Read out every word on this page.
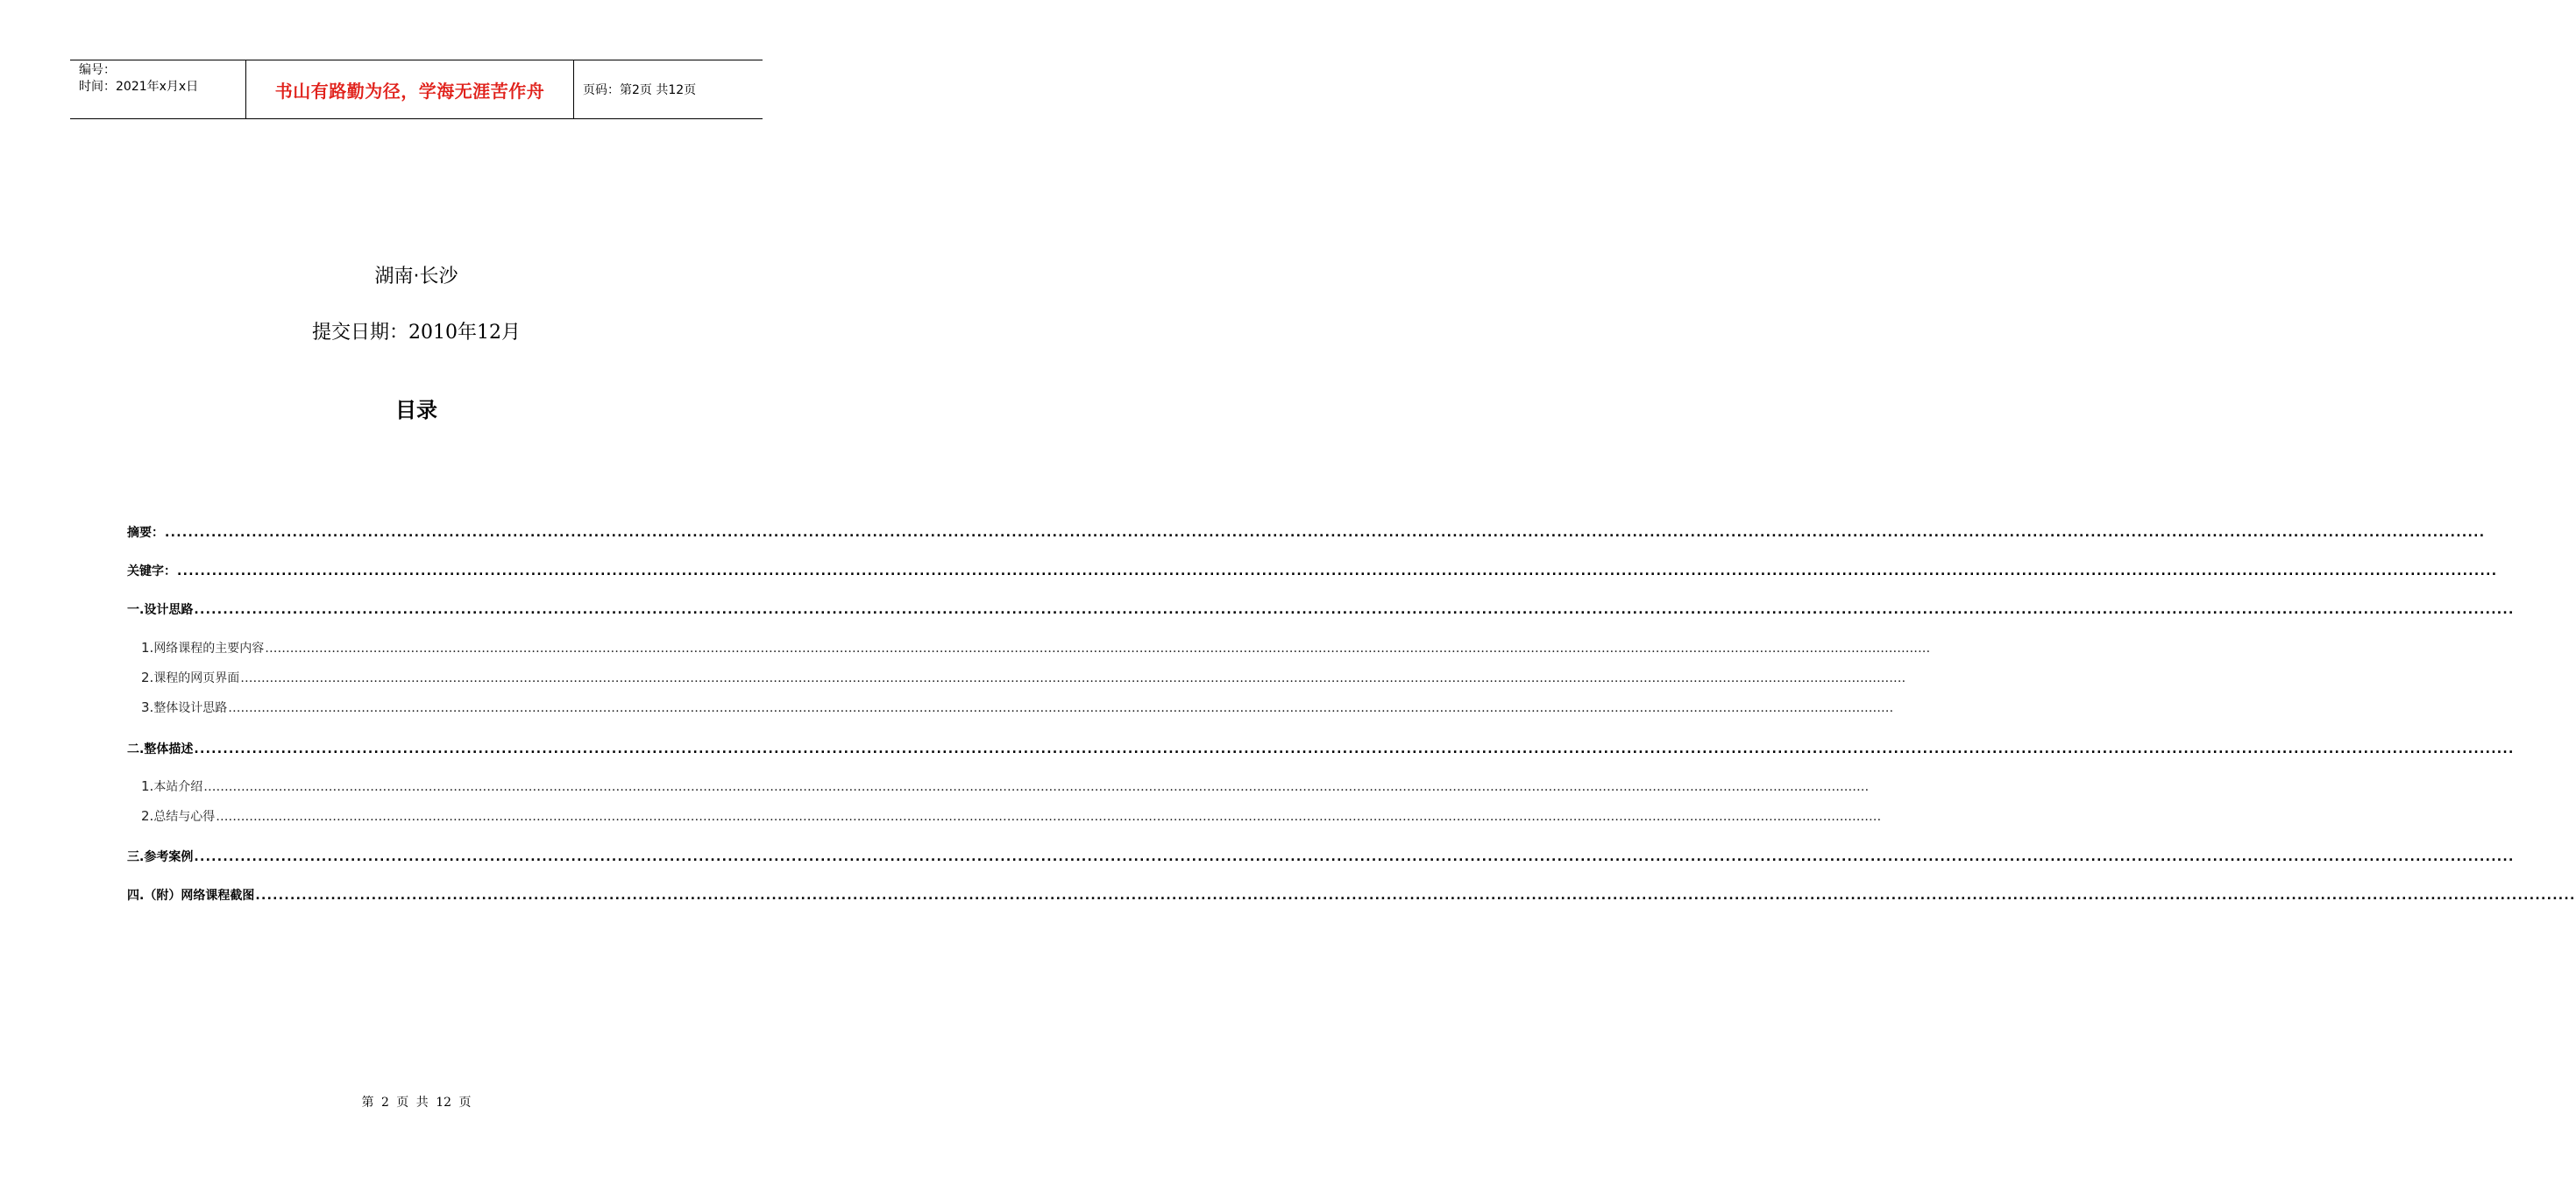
编号：
时间：2021年x月x日	书山有路勤为径，学海无涯苦作舟	页码：第2页 共12页
湖南·长沙
提交日期：2010年12月
目录
摘要： ................................................................................................................................................................................................................................................................................................................................................................................................................
关键字： ................................................................................................................................................................................................................................................................................................................................................................................................................
一. 设计思路 ................................................................................................................................................................................................................................................................................................................................................................................................................
1. 网络课程的主要内容 ................................................................................................................................................................................................................................................................................................................................................................................................................
2. 课程的网页界面 ................................................................................................................................................................................................................................................................................................................................................................................................................
3. 整体设计思路 ................................................................................................................................................................................................................................................................................................................................................................................................................
二. 整体描述 ................................................................................................................................................................................................................................................................................................................................................................................................................
1. 本站介绍 ................................................................................................................................................................................................................................................................................................................................................................................................................
2. 总结与心得 ................................................................................................................................................................................................................................................................................................................................................................................................................
三. 参考案例 ................................................................................................................................................................................................................................................................................................................................................................................................................
四. （附）网络课程截图 ................................................................................................................................................................................................................................................................................................................................................................................................................
第 2 页 共 12 页
